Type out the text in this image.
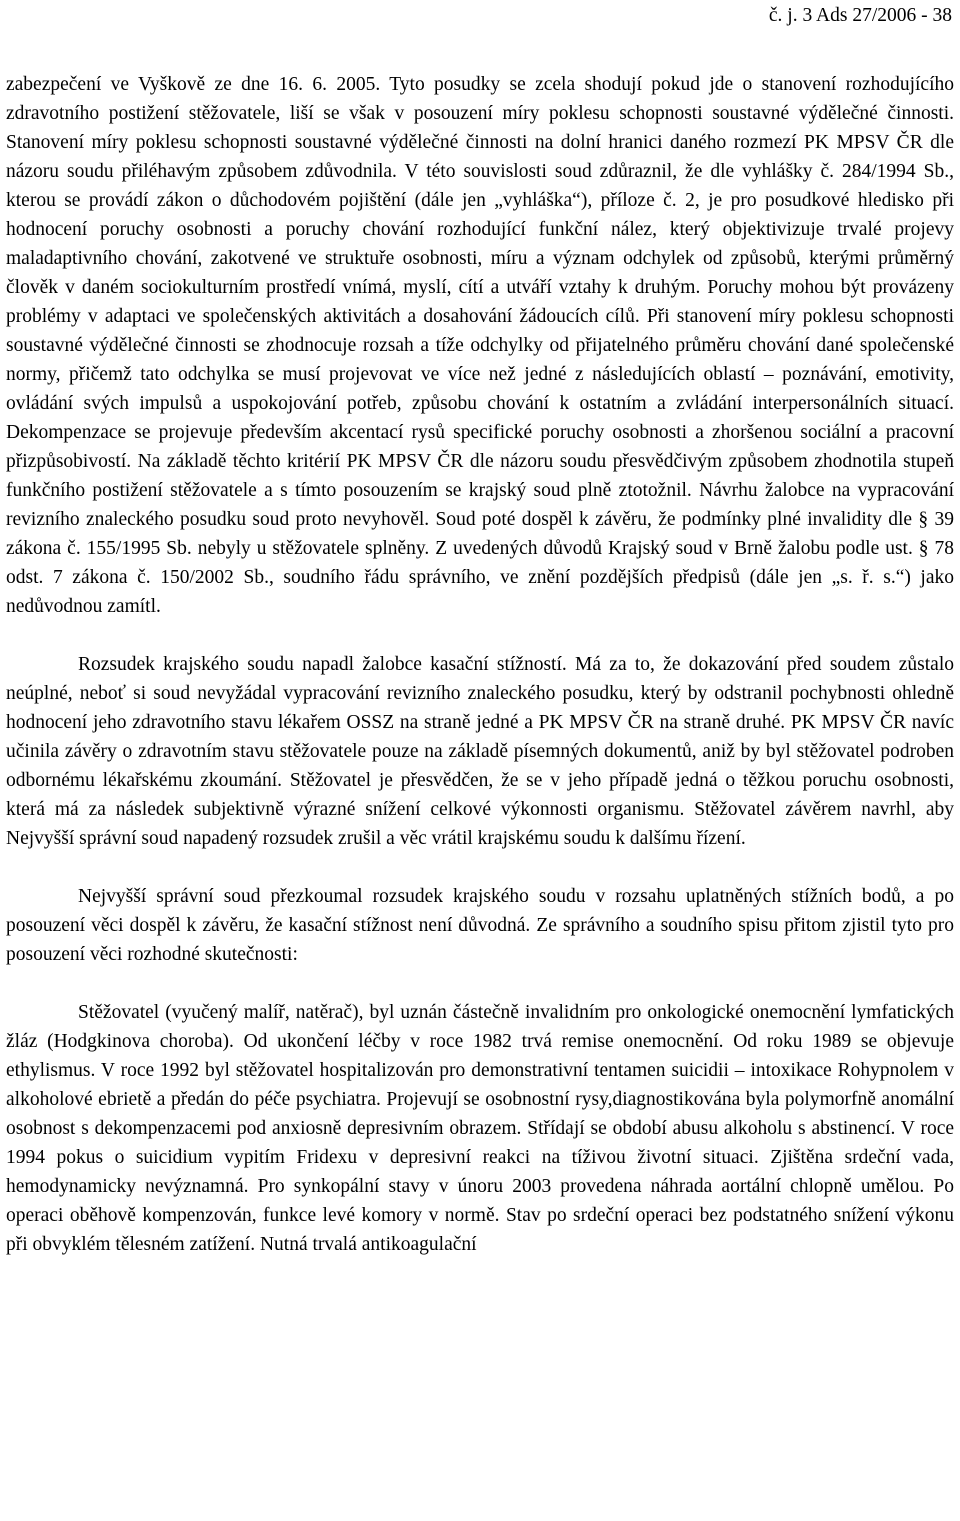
č. j. 3 Ads 27/2006 - 38

zabezpečení ve Vyškově ze dne 16. 6. 2005. Tyto posudky se zcela shodují pokud jde o stanovení rozhodujícího zdravotního postižení stěžovatele, liší se však v posouzení míry poklesu schopnosti soustavné výdělečné činnosti. Stanovení míry poklesu schopnosti soustavné výdělečné činnosti na dolní hranici daného rozmezí PK MPSV ČR dle názoru soudu přiléhavým způsobem zdůvodnila. V této souvislosti soud zdůraznil, že dle vyhlášky č. 284/1994 Sb., kterou se provádí zákon o důchodovém pojištění (dále jen „vyhláška“), příloze č. 2, je pro posudkové hledisko při hodnocení poruchy osobnosti a poruchy chování rozhodující funkční nález, který objektivizuje trvalé projevy maladaptivního chování, zakotvené ve struktuře osobnosti, míru a význam odchylek od způsobů, kterými průměrný člověk v daném sociokulturním prostředí vnímá, myslí, cítí a utváří vztahy k druhým. Poruchy mohou být provázeny problémy v adaptaci ve společenských aktivitách a dosahování žádoucích cílů. Při stanovení míry poklesu schopnosti soustavné výdělečné činnosti se zhodnocuje rozsah a tíže odchylky od přijatelného průměru chování dané společenské normy, přičemž tato odchylka se musí projevovat ve více než jedné z následujících oblastí – poznávání, emotivity, ovládání svých impulsů a uspokojování potřeb, způsobu chování k ostatním a zvládání interpersonálních situací. Dekompenzace se projevuje především akcentací rysů specifické poruchy osobnosti a zhoršenou sociální a pracovní přizpůsobivostí. Na základě těchto kritérií PK MPSV ČR dle názoru soudu přesvědčivým způsobem zhodnotila stupeň funkčního postižení stěžovatele a s tímto posouzením se krajský soud plně ztotožnil. Návrhu žalobce na vypracování revizního znaleckého posudku soud proto nevyhověl. Soud poté dospěl k závěru, že podmínky plné invalidity dle § 39 zákona č. 155/1995 Sb. nebyly u stěžovatele splněny. Z uvedených důvodů Krajský soud v Brně žalobu podle ust. § 78 odst. 7 zákona č. 150/2002 Sb., soudního řádu správního, ve znění pozdějších předpisů (dále jen „s. ř. s.“) jako nedůvodnou zamítl.

Rozsudek krajského soudu napadl žalobce kasační stížností. Má za to, že dokazování před soudem zůstalo neúplné, neboť si soud nevyžádal vypracování revizního znaleckého posudku, který by odstranil pochybnosti ohledně hodnocení jeho zdravotního stavu lékařem OSSZ na straně jedné a PK MPSV ČR na straně druhé. PK MPSV ČR navíc učinila závěry o zdravotním stavu stěžovatele pouze na základě písemných dokumentů, aniž by byl stěžovatel podroben odbornému lékařskému zkoumání. Stěžovatel je přesvědčen, že se v jeho případě jedná o těžkou poruchu osobnosti, která má za následek subjektivně výrazné snížení celkové výkonnosti organismu. Stěžovatel závěrem navrhl, aby Nejvyšší správní soud napadený rozsudek zrušil a věc vrátil krajskému soudu k dalšímu řízení.

Nejvyšší správní soud přezkoumal rozsudek krajského soudu v rozsahu uplatněných stížních bodů, a po posouzení věci dospěl k závěru, že kasační stížnost není důvodná. Ze správního a soudního spisu přitom zjistil tyto pro posouzení věci rozhodné skutečnosti:

Stěžovatel (vyučený malíř, natěrač), byl uznán částečně invalidním pro onkologické onemocnění lymfatických žláz (Hodgkinova choroba). Od ukončení léčby v roce 1982 trvá remise onemocnění. Od roku 1989 se objevuje ethylismus. V roce 1992 byl stěžovatel hospitalizován pro demonstrativní tentamen suicidii – intoxikace Rohypnolem v alkoholové ebrietě a předán do péče psychiatra. Projevují se osobnostní rysy,diagnostikována byla polymorfně anomální osobnost s dekompenzacemi pod anxiosně depresivním obrazem. Střídají se období abusu alkoholu s abstinencí. V roce 1994 pokus o suicidium vypitím Fridexu v depresivní reakci na tíživou životní situaci. Zjištěna srdeční vada, hemodynamicky nevýznamná. Pro synkopální stavy v únoru 2003 provedena náhrada aortální chlopně umělou. Po operaci oběhově kompenzován, funkce levé komory v normě. Stav po srdeční operaci bez podstatného snížení výkonu při obvyklém tělesném zatížení. Nutná trvalá antikoagulační
